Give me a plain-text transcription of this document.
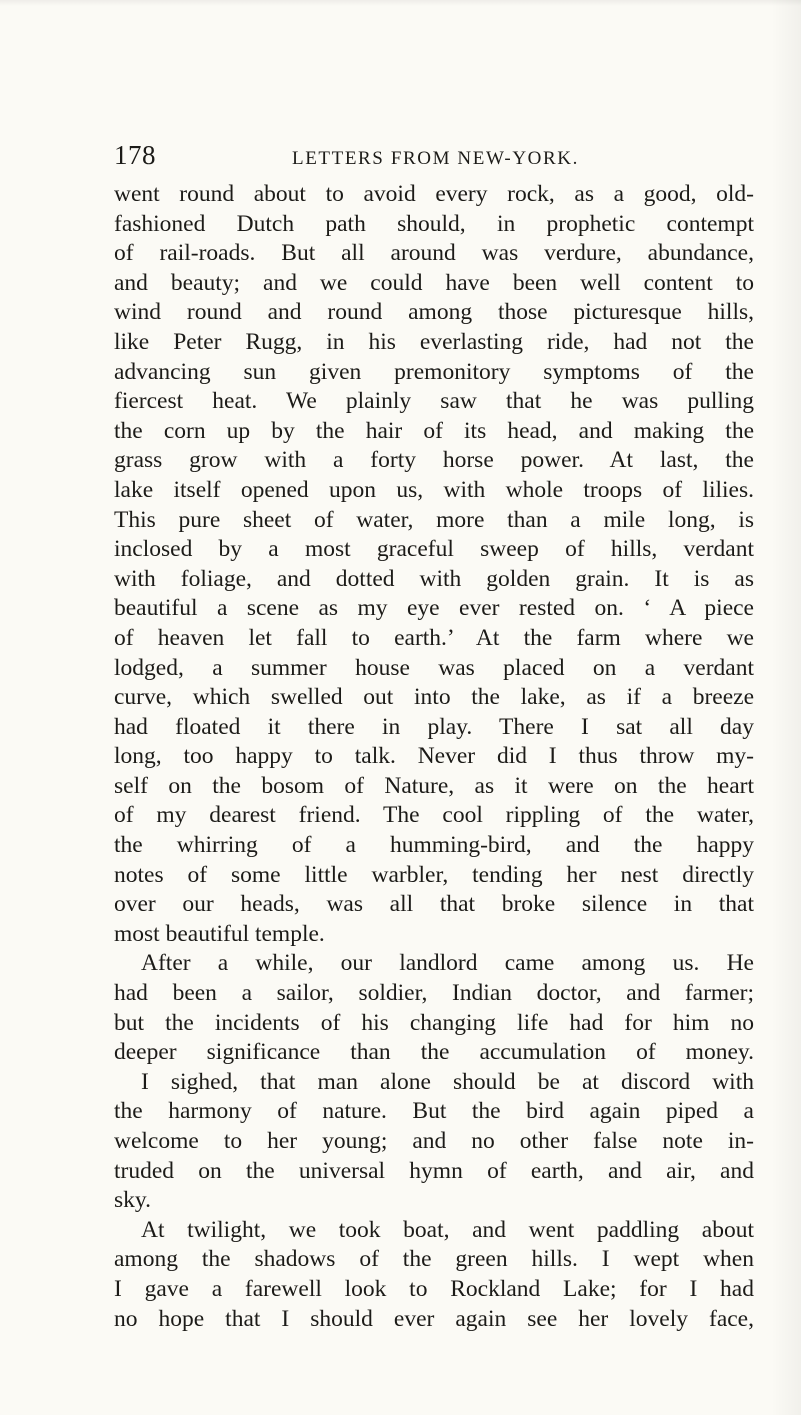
178	LETTERS FROM NEW-YORK.
went round about to avoid every rock, as a good, old-
fashioned Dutch path should, in prophetic contempt
of rail-roads. But all around was verdure, abundance,
and beauty; and we could have been well content to
wind round and round among those picturesque hills,
like Peter Rugg, in his everlasting ride, had not the
advancing sun given premonitory symptoms of the
fiercest heat. We plainly saw that he was pulling
the corn up by the hair of its head, and making the
grass grow with a forty horse power. At last, the
lake itself opened upon us, with whole troops of lilies.
This pure sheet of water, more than a mile long, is
inclosed by a most graceful sweep of hills, verdant
with foliage, and dotted with golden grain. It is as
beautiful a scene as my eye ever rested on. ‘ A piece
of heaven let fall to earth.’ At the farm where we
lodged, a summer house was placed on a verdant
curve, which swelled out into the lake, as if a breeze
had floated it there in play. There I sat all day
long, too happy to talk. Never did I thus throw my-
self on the bosom of Nature, as it were on the heart
of my dearest friend. The cool rippling of the water,
the whirring of a humming-bird, and the happy
notes of some little warbler, tending her nest directly
over our heads, was all that broke silence in that
most beautiful temple.
After a while, our landlord came among us. He
had been a sailor, soldier, Indian doctor, and farmer;
but the incidents of his changing life had for him no
deeper significance than the accumulation of money.
I sighed, that man alone should be at discord with
the harmony of nature. But the bird again piped a
welcome to her young; and no other false note in-
truded on the universal hymn of earth, and air, and
sky.
At twilight, we took boat, and went paddling about
among the shadows of the green hills. I wept when
I gave a farewell look to Rockland Lake; for I had
no hope that I should ever again see her lovely face,
